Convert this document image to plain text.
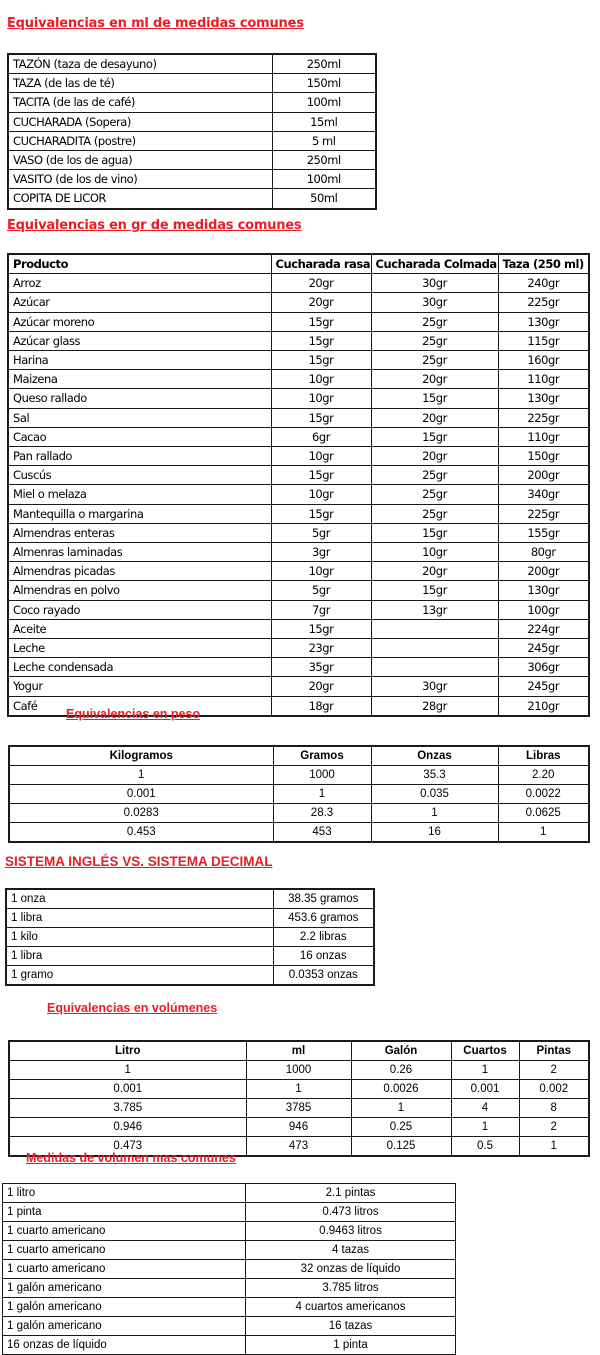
Equivalencias en ml de medidas comunes
TAZÓN (taza de desayuno)	250ml
TAZA (de las de té)	150ml
TACITA (de las de café)	100ml
CUCHARADA (Sopera)	15ml
CUCHARADITA (postre)	5 ml
VASO (de los de agua)	250ml
VASITO (de los de vino)	100ml
COPITA DE LICOR	50ml
Equivalencias en gr de medidas comunes
Producto	Cucharada rasa	Cucharada Colmada	Taza (250 ml)
Arroz	20gr	30gr	240gr
Azúcar	20gr	30gr	225gr
Azúcar moreno	15gr	25gr	130gr
Azúcar glass	15gr	25gr	115gr
Harina	15gr	25gr	160gr
Maizena	10gr	20gr	110gr
Queso rallado	10gr	15gr	130gr
Sal	15gr	20gr	225gr
Cacao	6gr	15gr	110gr
Pan rallado	10gr	20gr	150gr
Cuscús	15gr	25gr	200gr
Miel o melaza	10gr	25gr	340gr
Mantequilla o margarina	15gr	25gr	225gr
Almendras enteras	5gr	15gr	155gr
Almenras laminadas	3gr	10gr	80gr
Almendras picadas	10gr	20gr	200gr
Almendras en polvo	5gr	15gr	130gr
Coco rayado	7gr	13gr	100gr
Aceite	15gr		224gr
Leche	23gr		245gr
Leche condensada	35gr		306gr
Yogur	20gr	30gr	245gr
Café	18gr	28gr	210gr
Equivalencias en peso
Kilogramos	Gramos	Onzas	Libras
1	1000	35.3	2.20
0.001	1	0.035	0.0022
0.0283	28.3	1	0.0625
0.453	453	16	1
SISTEMA INGLÉS VS. SISTEMA DECIMAL
1 onza	38.35 gramos
1 libra	453.6 gramos
1 kilo	2.2 libras
1 libra	16 onzas
1 gramo	0.0353 onzas
Equivalencias en volúmenes
Litro	ml	Galón	Cuartos	Pintas
1	1000	0.26	1	2
0.001	1	0.0026	0.001	0.002
3.785	3785	1	4	8
0.946	946	0.25	1	2
0.473	473	0.125	0.5	1
Medidas de volumen mas comunes
1 litro	2.1 pintas
1 pinta	0.473 litros
1 cuarto americano	0.9463 litros
1 cuarto americano	4 tazas
1 cuarto americano	32 onzas de líquido
1 galón americano	3.785 litros
1 galón americano	4 cuartos americanos
1 galón americano	16 tazas
16 onzas de líquido	1 pinta
